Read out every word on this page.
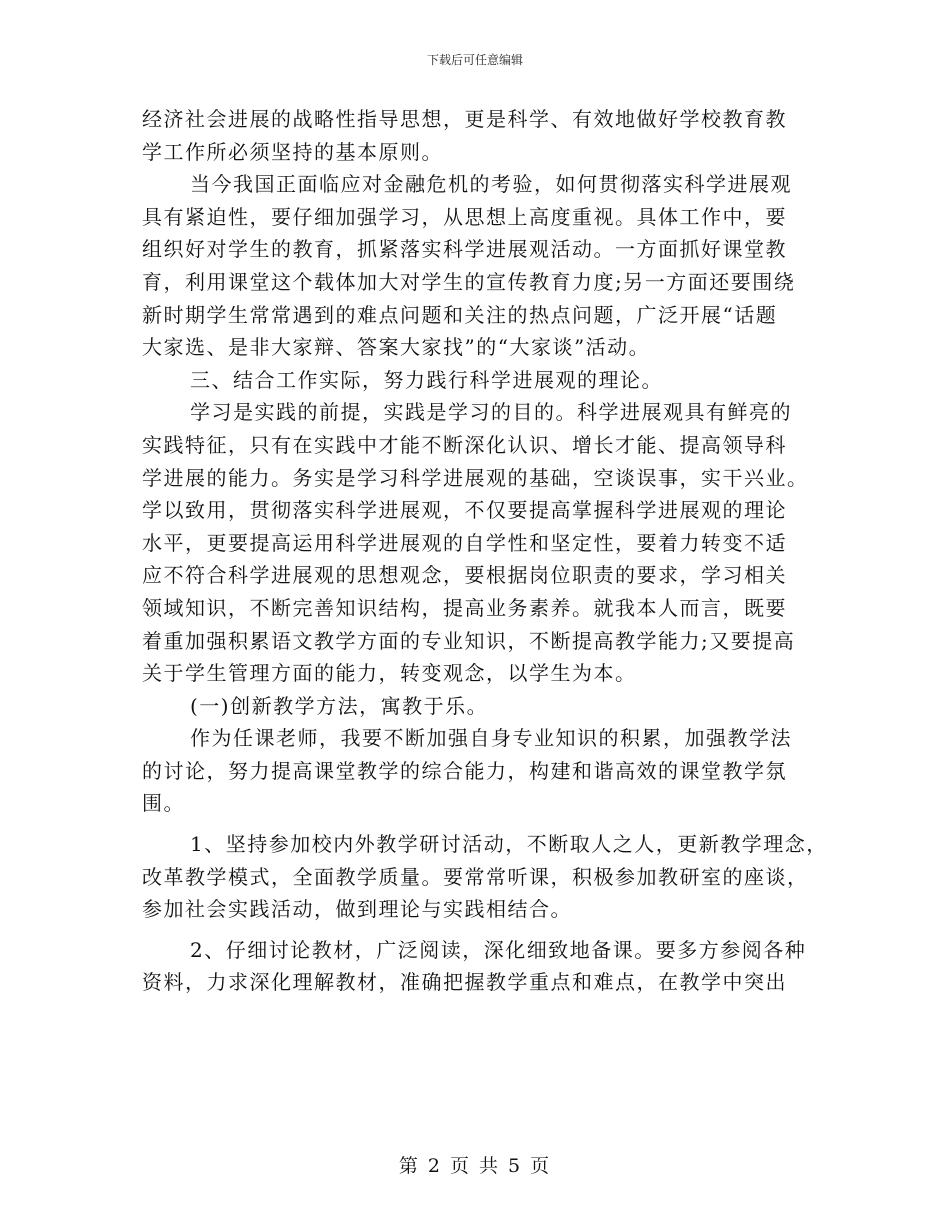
下载后可任意编辑
经济社会进展的战略性指导思想，更是科学、有效地做好学校教育教
学工作所必须坚持的基本原则。
当今我国正面临应对金融危机的考验，如何贯彻落实科学进展观
具有紧迫性，要仔细加强学习，从思想上高度重视。具体工作中，要
组织好对学生的教育，抓紧落实科学进展观活动。一方面抓好课堂教
育，利用课堂这个载体加大对学生的宣传教育力度;另一方面还要围绕
新时期学生常常遇到的难点问题和关注的热点问题，广泛开展“话题
大家选、是非大家辩、答案大家找”的“大家谈”活动。
三、结合工作实际，努力践行科学进展观的理论。
学习是实践的前提，实践是学习的目的。科学进展观具有鲜亮的
实践特征，只有在实践中才能不断深化认识、增长才能、提高领导科
学进展的能力。务实是学习科学进展观的基础，空谈误事，实干兴业。
学以致用，贯彻落实科学进展观，不仅要提高掌握科学进展观的理论
水平，更要提高运用科学进展观的自学性和坚定性，要着力转变不适
应不符合科学进展观的思想观念，要根据岗位职责的要求，学习相关
领域知识，不断完善知识结构，提高业务素养。就我本人而言，既要
着重加强积累语文教学方面的专业知识，不断提高教学能力;又要提高
关于学生管理方面的能力，转变观念，以学生为本。
(一)创新教学方法，寓教于乐。
作为任课老师，我要不断加强自身专业知识的积累，加强教学法
的讨论，努力提高课堂教学的综合能力，构建和谐高效的课堂教学氛
围。
1、坚持参加校内外教学研讨活动，不断取人之人，更新教学理念，
改革教学模式，全面教学质量。要常常听课，积极参加教研室的座谈，
参加社会实践活动，做到理论与实践相结合。
2、仔细讨论教材，广泛阅读，深化细致地备课。要多方参阅各种
资料，力求深化理解教材，准确把握教学重点和难点，在教学中突出
第 2 页 共 5 页
